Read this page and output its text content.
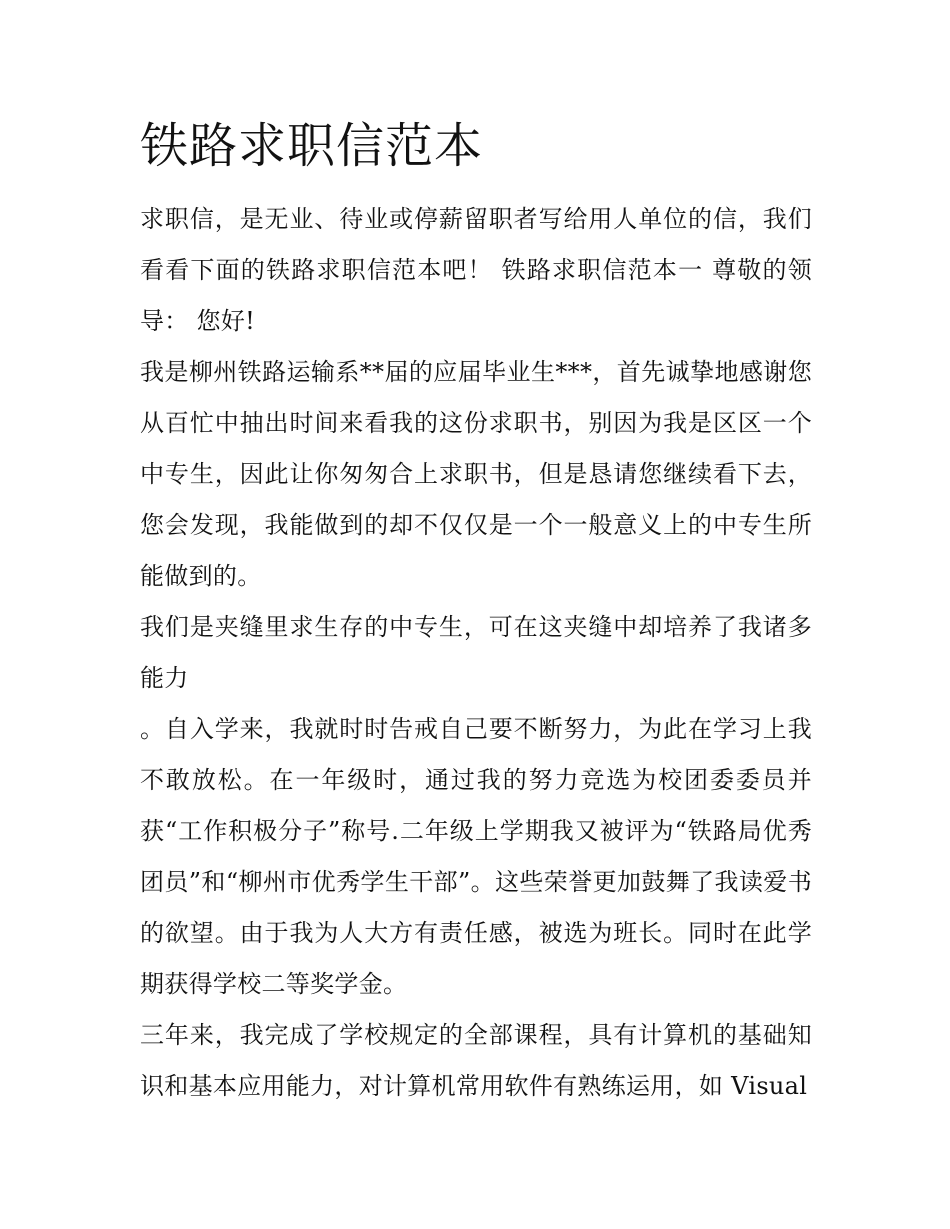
铁路求职信范本

求职信，是无业、待业或停薪留职者写给用人单位的信，我们看看下面的铁路求职信范本吧！ 铁路求职信范本一 尊敬的领导： 您好!

我是柳州铁路运输系**届的应届毕业生***，首先诚挚地感谢您从百忙中抽出时间来看我的这份求职书，别因为我是区区一个中专生，因此让你匆匆合上求职书，但是恳请您继续看下去，您会发现，我能做到的却不仅仅是一个一般意义上的中专生所能做到的。

我们是夹缝里求生存的中专生，可在这夹缝中却培养了我诸多能力

。自入学来，我就时时告戒自己要不断努力，为此在学习上我不敢放松。在一年级时，通过我的努力竞选为校团委委员并获“工作积极分子”称号.二年级上学期我又被评为“铁路局优秀团员”和“柳州市优秀学生干部”。这些荣誉更加鼓舞了我读爱书的欲望。由于我为人大方有责任感，被选为班长。同时在此学期获得学校二等奖学金。

三年来，我完成了学校规定的全部课程，具有计算机的基础知识和基本应用能力，对计算机常用软件有熟练运用，如 Visual
